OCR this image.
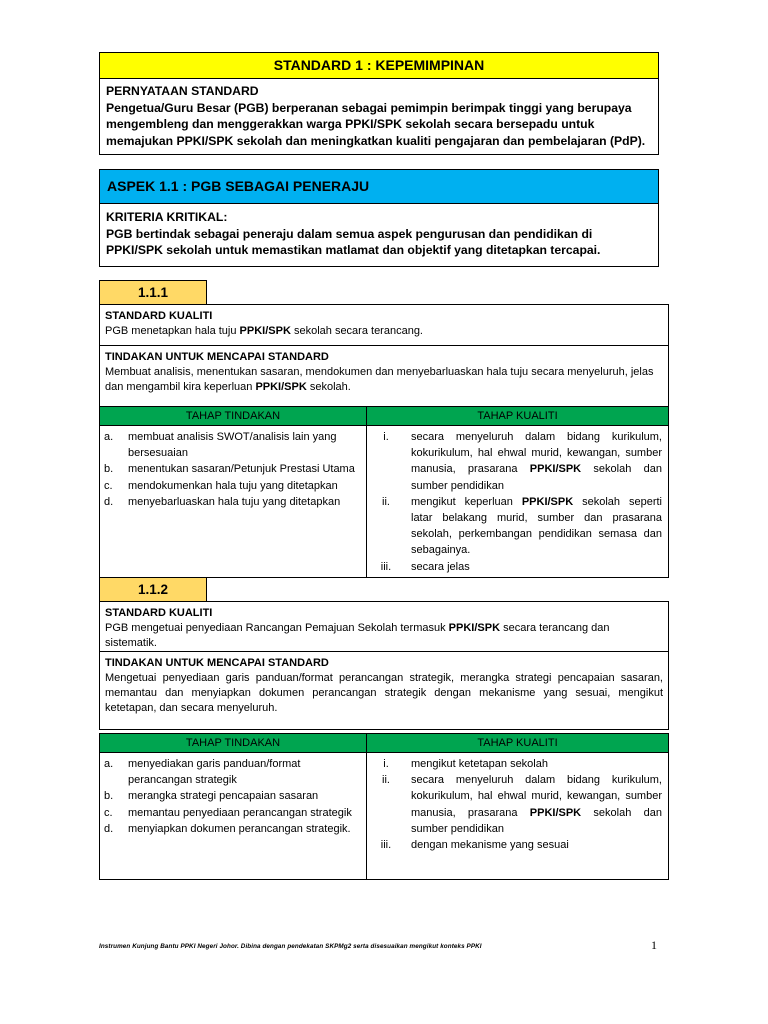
STANDARD 1 : KEPEMIMPINAN
PERNYATAAN STANDARD
Pengetua/Guru Besar (PGB) berperanan sebagai pemimpin berimpak tinggi yang berupaya mengembleng dan menggerakkan warga PPKI/SPK sekolah secara bersepadu untuk memajukan PPKI/SPK sekolah dan meningkatkan kualiti pengajaran dan pembelajaran (PdP).
ASPEK 1.1 : PGB SEBAGAI PENERAJU
KRITERIA KRITIKAL:
PGB bertindak sebagai peneraju dalam semua aspek pengurusan dan pendidikan di PPKI/SPK sekolah untuk memastikan matlamat dan objektif yang ditetapkan tercapai.
1.1.1
STANDARD KUALITI
PGB menetapkan hala tuju PPKI/SPK sekolah secara terancang.
TINDAKAN UNTUK MENCAPAI STANDARD
Membuat analisis, menentukan sasaran, mendokumen dan menyebarluaskan hala tuju secara menyeluruh, jelas dan mengambil kira keperluan PPKI/SPK sekolah.
TAHAP TINDAKAN	TAHAP KUALITI
a.	membuat analisis SWOT/analisis lain yang bersesuaian
b.	menentukan sasaran/Petunjuk Prestasi Utama
c.	mendokumenkan hala tuju yang ditetapkan
d.	menyebarluaskan hala tuju yang ditetapkan
i.	secara menyeluruh dalam bidang kurikulum, kokurikulum, hal ehwal murid, kewangan, sumber manusia, prasarana PPKI/SPK sekolah dan sumber pendidikan
ii.	mengikut keperluan PPKI/SPK sekolah seperti latar belakang murid, sumber dan prasarana sekolah, perkembangan pendidikan semasa dan sebagainya.
iii.	secara jelas
1.1.2
STANDARD KUALITI
PGB mengetuai penyediaan Rancangan Pemajuan Sekolah termasuk PPKI/SPK secara terancang dan sistematik.
TINDAKAN UNTUK MENCAPAI STANDARD
Mengetuai penyediaan garis panduan/format perancangan strategik, merangka strategi pencapaian sasaran, memantau dan menyiapkan dokumen perancangan strategik dengan mekanisme yang sesuai, mengikut ketetapan, dan secara menyeluruh.
TAHAP TINDAKAN	TAHAP KUALITI
a.	menyediakan garis panduan/format perancangan strategik
b.	merangka strategi pencapaian sasaran
c.	memantau penyediaan perancangan strategik
d.	menyiapkan dokumen perancangan strategik.
i.	mengikut ketetapan sekolah
ii.	secara menyeluruh dalam bidang kurikulum, kokurikulum, hal ehwal murid, kewangan, sumber manusia, prasarana PPKI/SPK sekolah dan sumber pendidikan
iii.	dengan mekanisme yang sesuai
Instrumen Kunjung Bantu PPKI Negeri Johor. Dibina dengan pendekatan SKPMg2 serta disesuaikan mengikut konteks PPKI	1
